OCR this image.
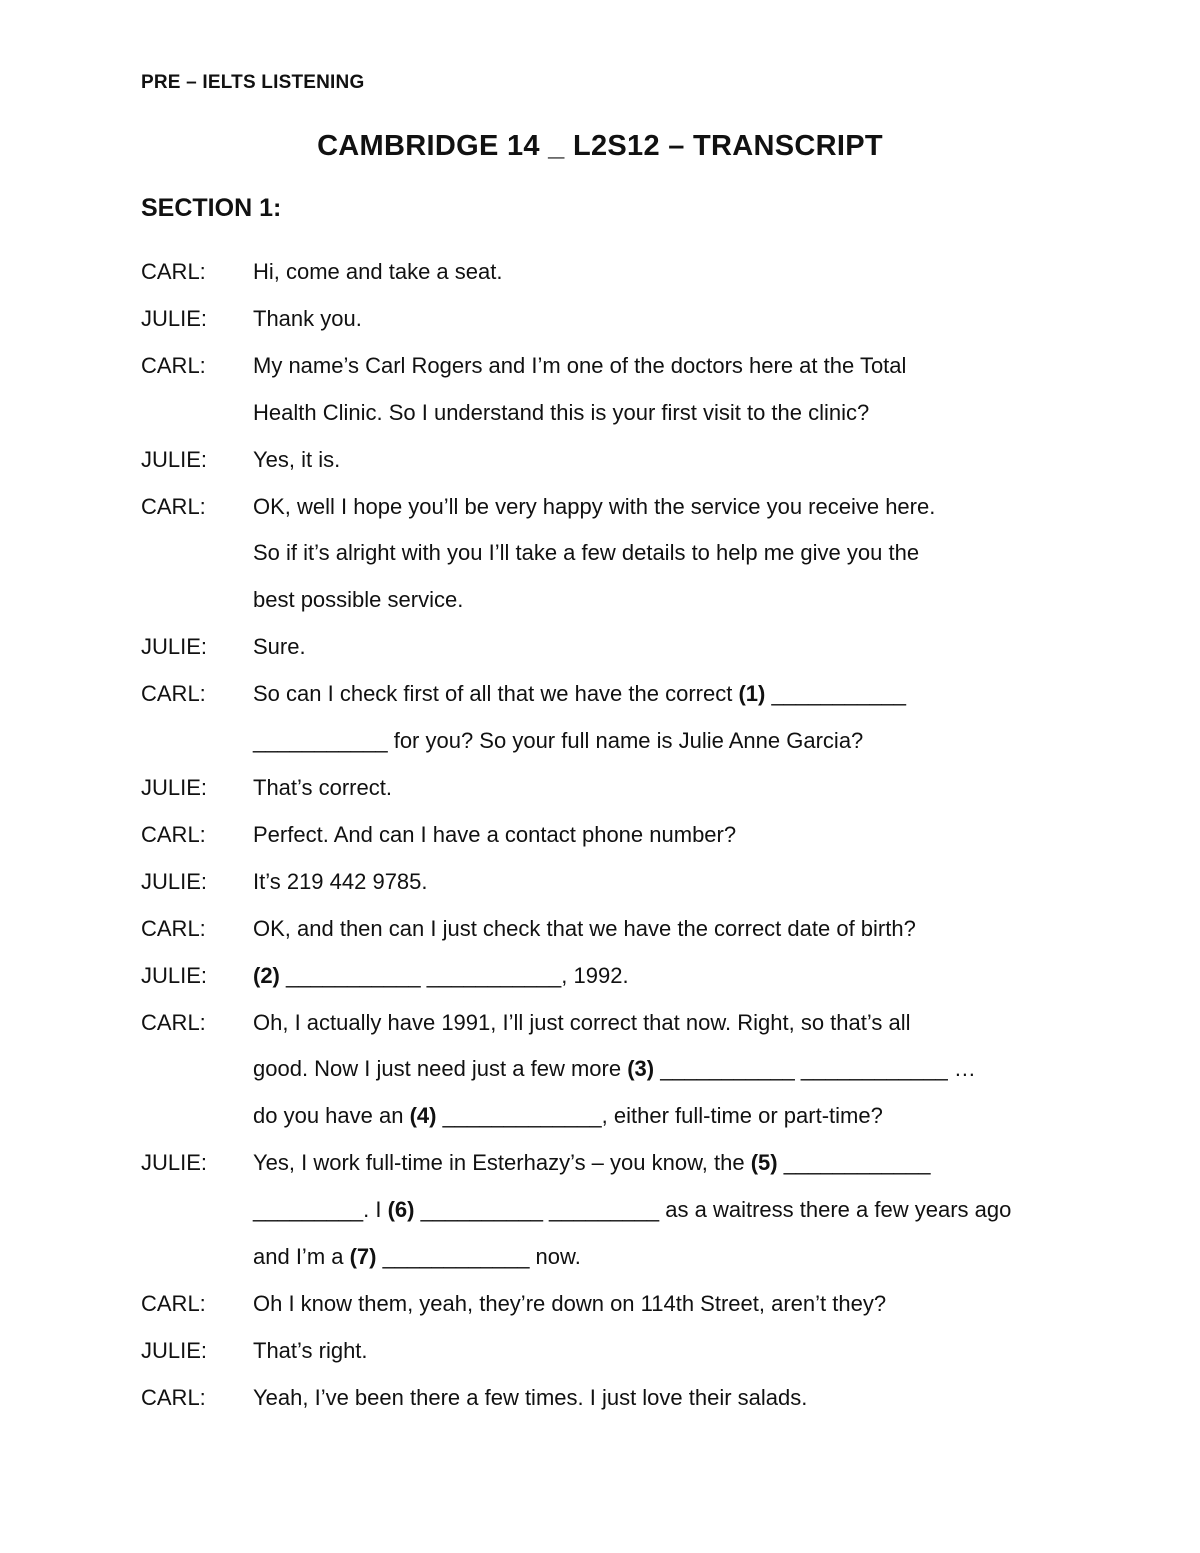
PRE – IELTS LISTENING
CAMBRIDGE 14 _ L2S12 – TRANSCRIPT
SECTION 1:
CARL:	Hi, come and take a seat.
JULIE:	Thank you.
CARL:	My name’s Carl Rogers and I’m one of the doctors here at the Total
Health Clinic. So I understand this is your first visit to the clinic?
JULIE:	Yes, it is.
CARL:	OK, well I hope you’ll be very happy with the service you receive here.
So if it’s alright with you I’ll take a few details to help me give you the
best possible service.
JULIE:	Sure.
CARL:	So can I check first of all that we have the correct (1) ___________
___________ for you? So your full name is Julie Anne Garcia?
JULIE:	That’s correct.
CARL:	Perfect. And can I have a contact phone number?
JULIE:	It’s 219 442 9785.
CARL:	OK, and then can I just check that we have the correct date of birth?
JULIE:	(2) ___________ ___________, 1992.
CARL:	Oh, I actually have 1991, I’ll just correct that now. Right, so that’s all
good. Now I just need just a few more (3) ___________ ____________ …
do you have an (4) _____________, either full-time or part-time?
JULIE:	Yes, I work full-time in Esterhazy’s – you know, the (5) ____________
_________. I (6) __________ _________ as a waitress there a few years ago
and I’m a (7) ____________ now.
CARL:	Oh I know them, yeah, they’re down on 114th Street, aren’t they?
JULIE:	That’s right.
CARL:	Yeah, I’ve been there a few times. I just love their salads.
